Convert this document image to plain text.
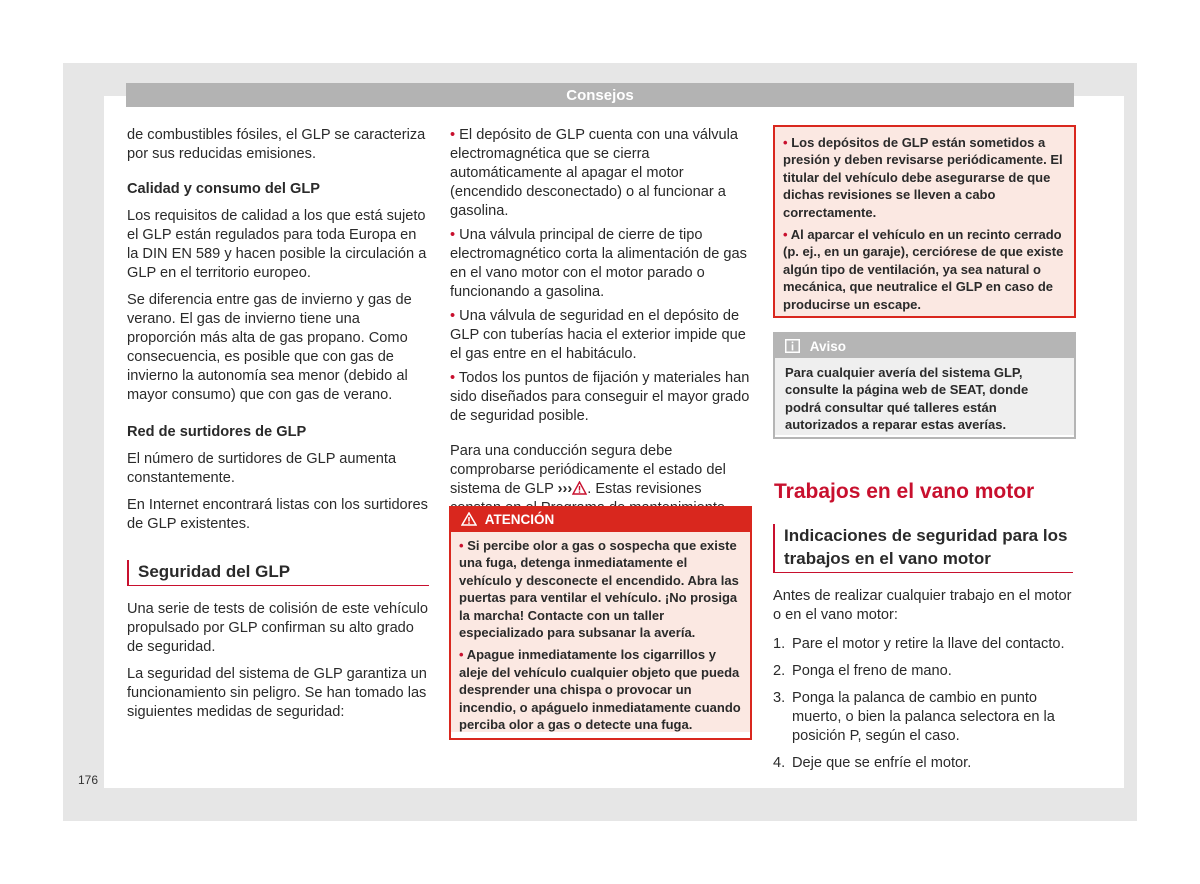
Consejos

de combustibles fósiles, el GLP se caracteriza por sus reducidas emisiones.

Calidad y consumo del GLP

Los requisitos de calidad a los que está sujeto el GLP están regulados para toda Europa en la DIN EN 589 y hacen posible la circulación a GLP en el territorio europeo.

Se diferencia entre gas de invierno y gas de verano. El gas de invierno tiene una proporción más alta de gas propano. Como consecuencia, es posible que con gas de invierno la autonomía sea menor (debido al mayor consumo) que con gas de verano.

Red de surtidores de GLP

El número de surtidores de GLP aumenta constantemente.

En Internet encontrará listas con los surtidores de GLP existentes.

Seguridad del GLP

Una serie de tests de colisión de este vehículo propulsado por GLP confirman su alto grado de seguridad.

La seguridad del sistema de GLP garantiza un funcionamiento sin peligro. Se han tomado las siguientes medidas de seguridad:

• El depósito de GLP cuenta con una válvula electromagnética que se cierra automáticamente al apagar el motor (encendido desconectado) o al funcionar a gasolina.
• Una válvula principal de cierre de tipo electromagnético corta la alimentación de gas en el vano motor con el motor parado o funcionando a gasolina.
• Una válvula de seguridad en el depósito de GLP con tuberías hacia el exterior impide que el gas entre en el habitáculo.
• Todos los puntos de fijación y materiales han sido diseñados para conseguir el mayor grado de seguridad posible.

Para una conducción segura debe comprobarse periódicamente el estado del sistema de GLP ››› . Estas revisiones

ATENCIÓN

• Si percibe olor a gas o sospecha que existe una fuga, detenga inmediatamente el vehículo y desconecte el encendido. Abra las puertas para ventilar el vehículo. ¡No prosiga la marcha! Contacte con un taller especializado para subsanar la avería.

• Apague inmediatamente los cigarrillos y aleje del vehículo cualquier objeto que pueda desprender una chispa o provocar un incendio, o apáguelo inmediatamente cuando perciba olor a gas o detecte una fuga.

• Los depósitos de GLP están sometidos a presión y deben revisarse periódicamente. El titular del vehículo debe asegurarse de que dichas revisiones se lleven a cabo correctamente.

• Al aparcar el vehículo en un recinto cerrado (p. ej., en un garaje), cerciórese de que existe algún tipo de ventilación, ya sea natural o mecánica, que neutralice el GLP en caso de producirse un escape.

Aviso
Para cualquier avería del sistema GLP, consulte la página web de SEAT, donde podrá consultar qué talleres están autorizados a reparar estas averías.
Trabajos en el vano motor
Indicaciones de seguridad para los trabajos en el vano motor

Antes de realizar cualquier trabajo en el motor o en el vano motor:

1. Pare el motor y retire la llave del contacto.
2. Ponga el freno de mano.
3. Ponga la palanca de cambio en punto muerto, o bien la palanca selectora en la posición P, según el caso.
4. Deje que se enfríe el motor.
176
